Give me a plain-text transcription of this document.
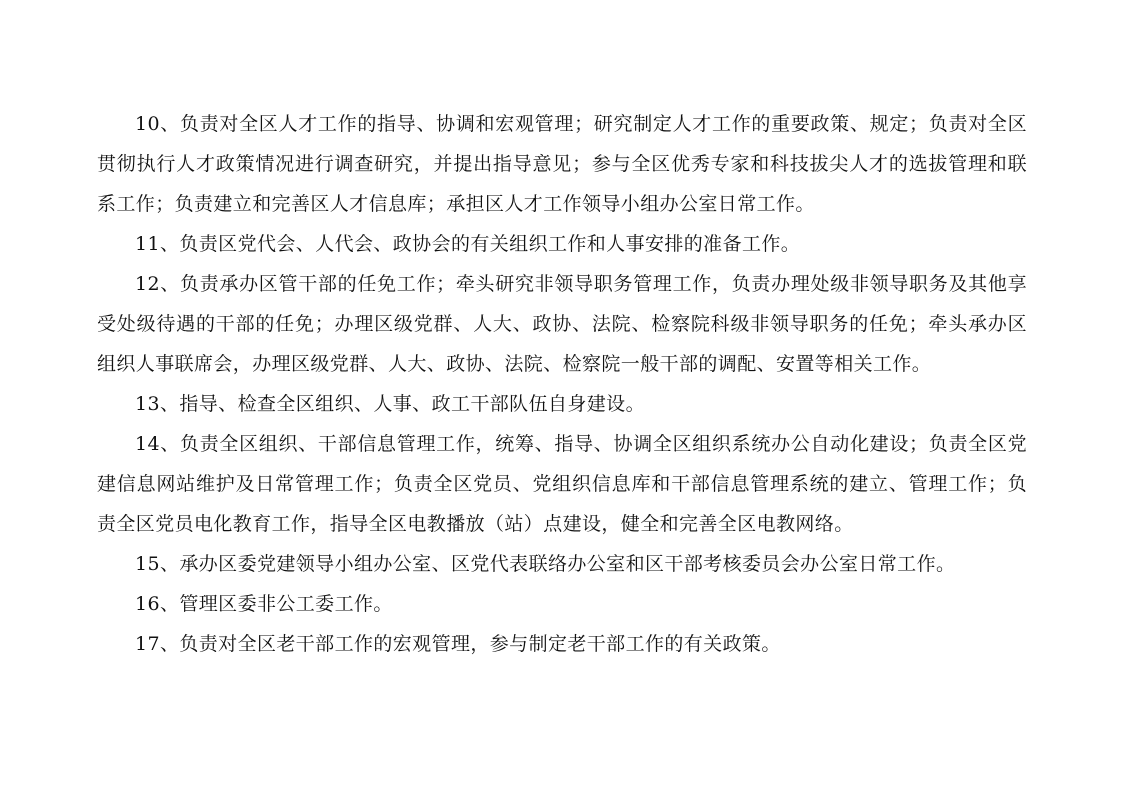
10、负责对全区人才工作的指导、协调和宏观管理；研究制定人才工作的重要政策、规定；负责对全区贯彻执行人才政策情况进行调查研究，并提出指导意见；参与全区优秀专家和科技拔尖人才的选拔管理和联系工作；负责建立和完善区人才信息库；承担区人才工作领导小组办公室日常工作。

11、负责区党代会、人代会、政协会的有关组织工作和人事安排的准备工作。

12、负责承办区管干部的任免工作；牵头研究非领导职务管理工作，负责办理处级非领导职务及其他享受处级待遇的干部的任免；办理区级党群、人大、政协、法院、检察院科级非领导职务的任免；牵头承办区组织人事联席会，办理区级党群、人大、政协、法院、检察院一般干部的调配、安置等相关工作。

13、指导、检查全区组织、人事、政工干部队伍自身建设。

14、负责全区组织、干部信息管理工作，统筹、指导、协调全区组织系统办公自动化建设；负责全区党建信息网站维护及日常管理工作；负责全区党员、党组织信息库和干部信息管理系统的建立、管理工作；负责全区党员电化教育工作，指导全区电教播放（站）点建设，健全和完善全区电教网络。

15、承办区委党建领导小组办公室、区党代表联络办公室和区干部考核委员会办公室日常工作。

16、管理区委非公工委工作。

17、负责对全区老干部工作的宏观管理，参与制定老干部工作的有关政策。
